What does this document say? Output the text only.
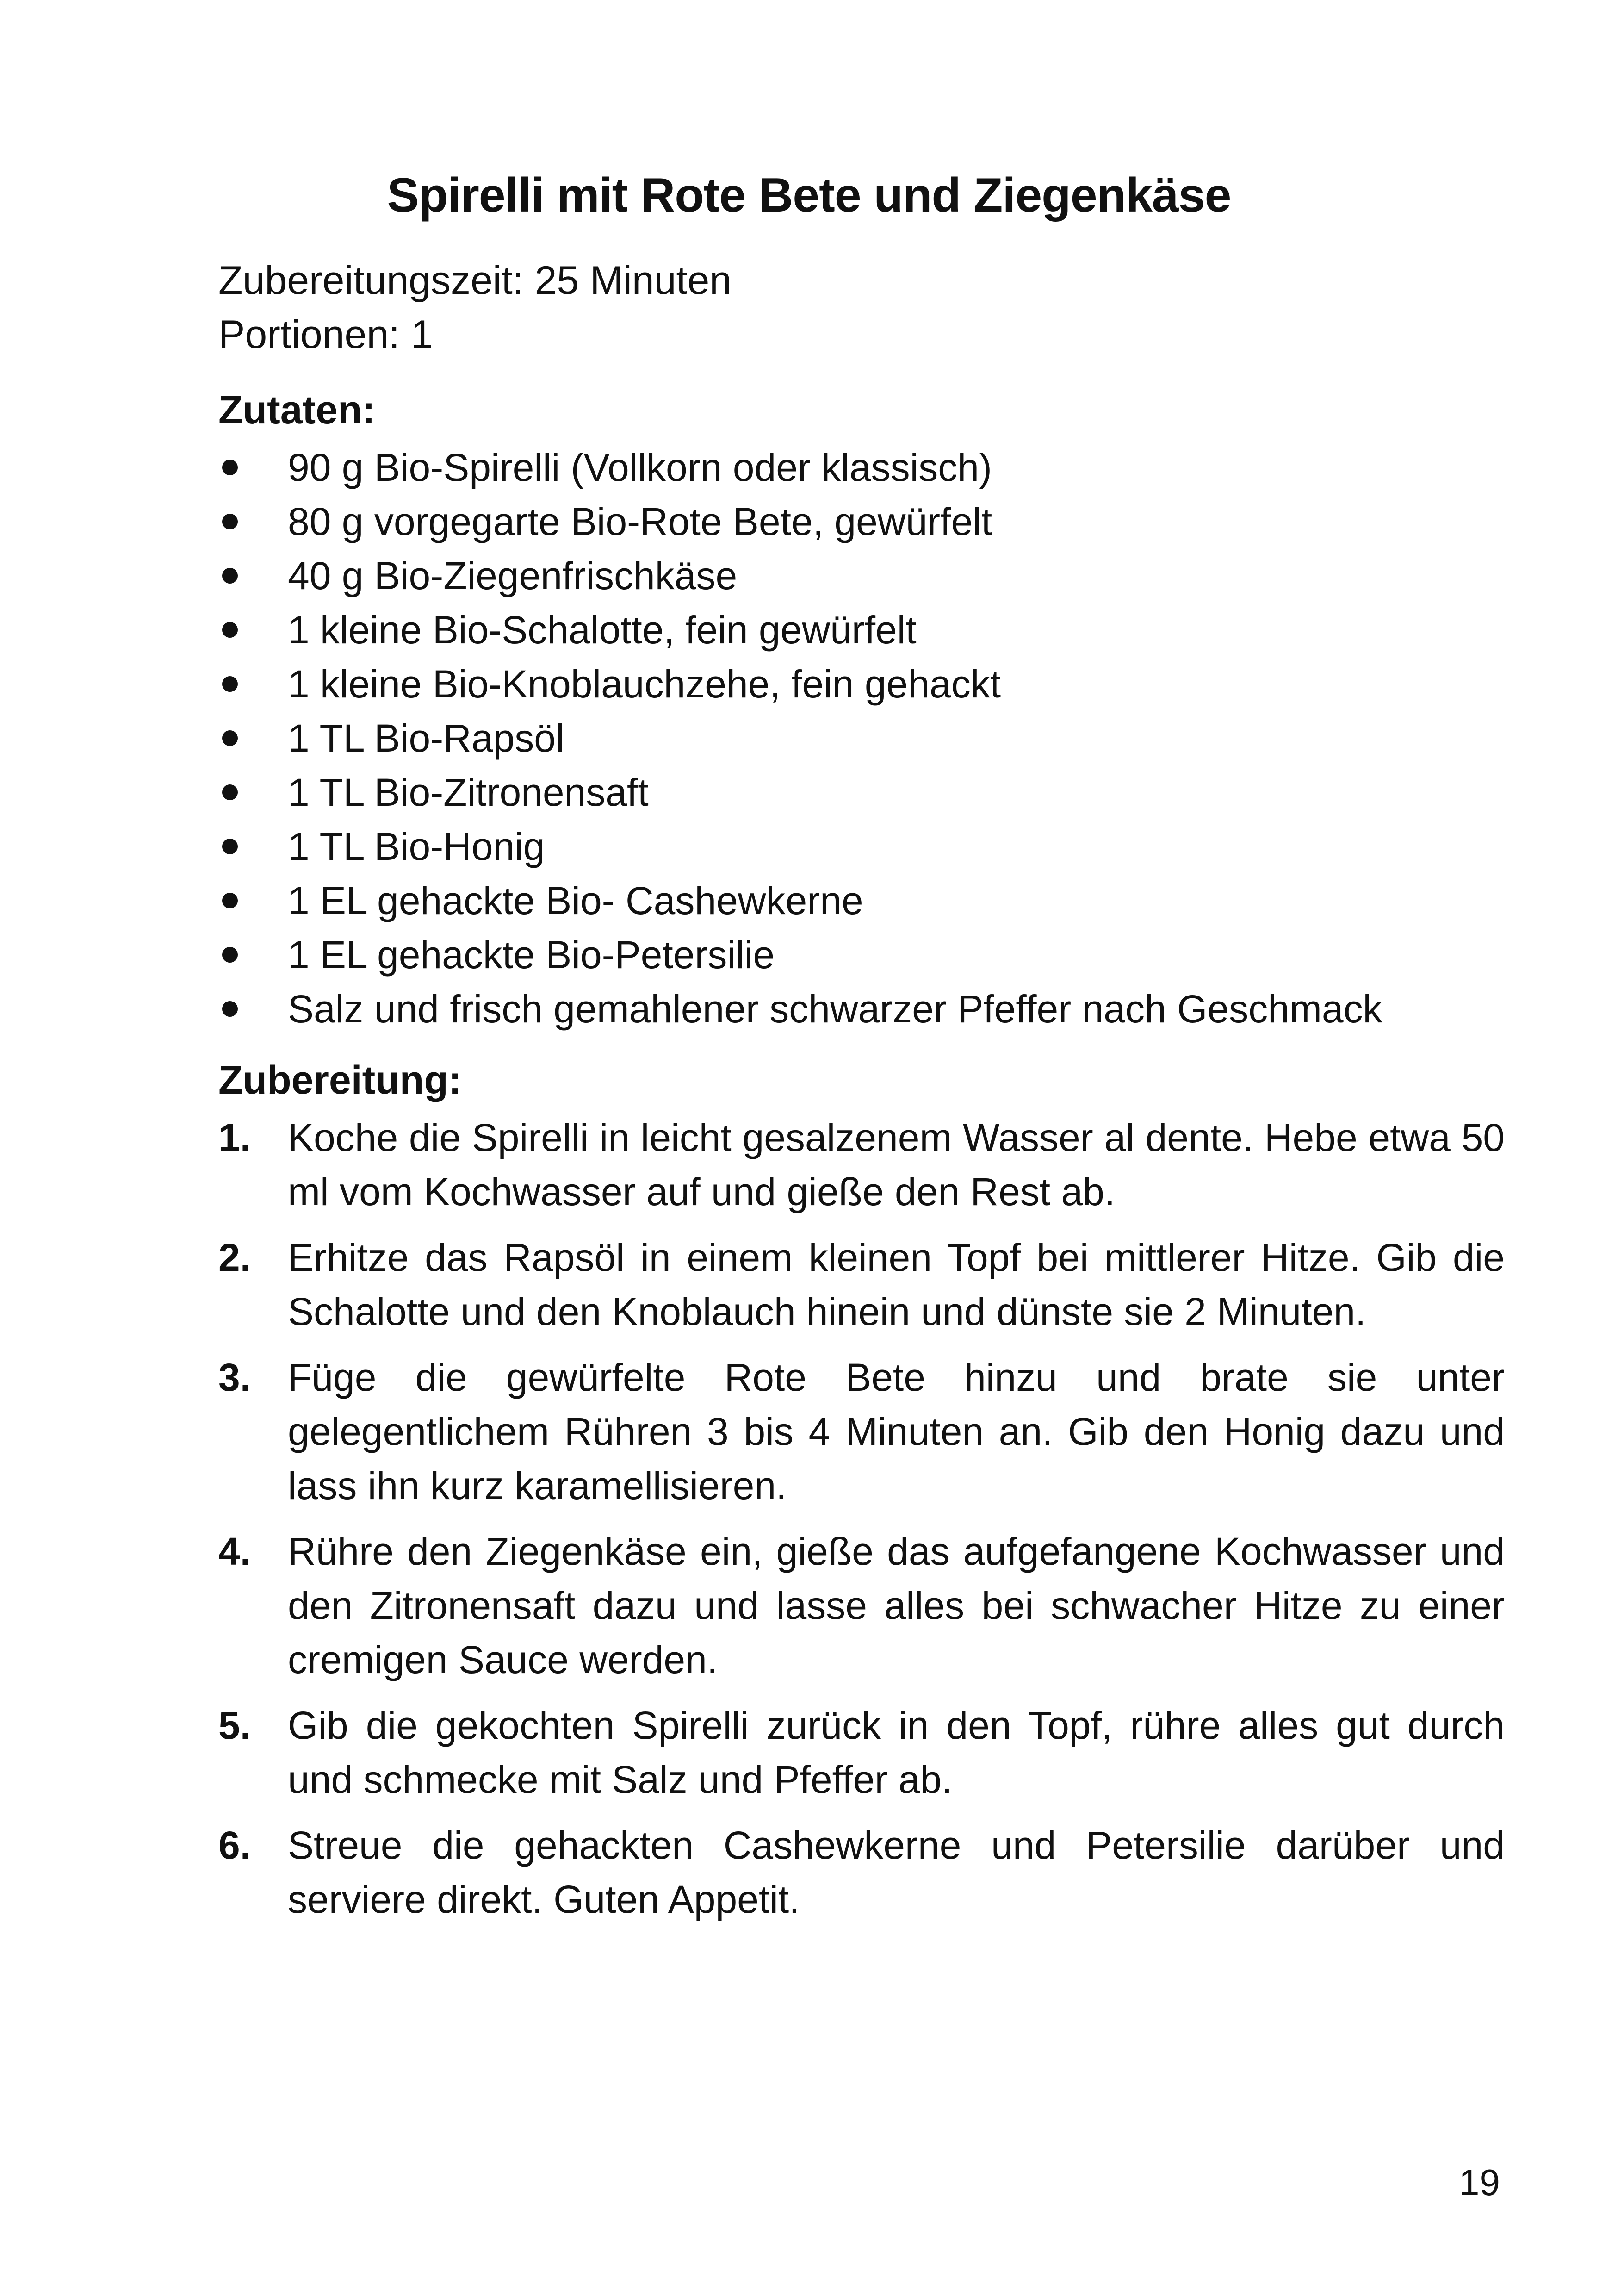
Spirelli mit Rote Bete und Ziegenkäse
Zubereitungszeit: 25 Minuten
Portionen: 1
Zutaten:
90 g Bio-Spirelli (Vollkorn oder klassisch)
80 g vorgegarte Bio-Rote Bete, gewürfelt
40 g Bio-Ziegenfrischkäse
1 kleine Bio-Schalotte, fein gewürfelt
1 kleine Bio-Knoblauchzehe, fein gehackt
1 TL Bio-Rapsöl
1 TL Bio-Zitronensaft
1 TL Bio-Honig
1 EL gehackte Bio- Cashewkerne
1 EL gehackte Bio-Petersilie
Salz und frisch gemahlener schwarzer Pfeffer nach Geschmack
Zubereitung:
1. Koche die Spirelli in leicht gesalzenem Wasser al dente. Hebe etwa 50 ml vom Kochwasser auf und gieße den Rest ab.
2. Erhitze das Rapsöl in einem kleinen Topf bei mittlerer Hitze. Gib die Schalotte und den Knoblauch hinein und dünste sie 2 Minuten.
3. Füge die gewürfelte Rote Bete hinzu und brate sie unter gelegentlichem Rühren 3 bis 4 Minuten an. Gib den Honig dazu und lass ihn kurz karamellisieren.
4. Rühre den Ziegenkäse ein, gieße das aufgefangene Kochwasser und den Zitronensaft dazu und lasse alles bei schwacher Hitze zu einer cremigen Sauce werden.
5. Gib die gekochten Spirelli zurück in den Topf, rühre alles gut durch und schmecke mit Salz und Pfeffer ab.
6. Streue die gehackten Cashewkerne und Petersilie darüber und serviere direkt. Guten Appetit.
19
